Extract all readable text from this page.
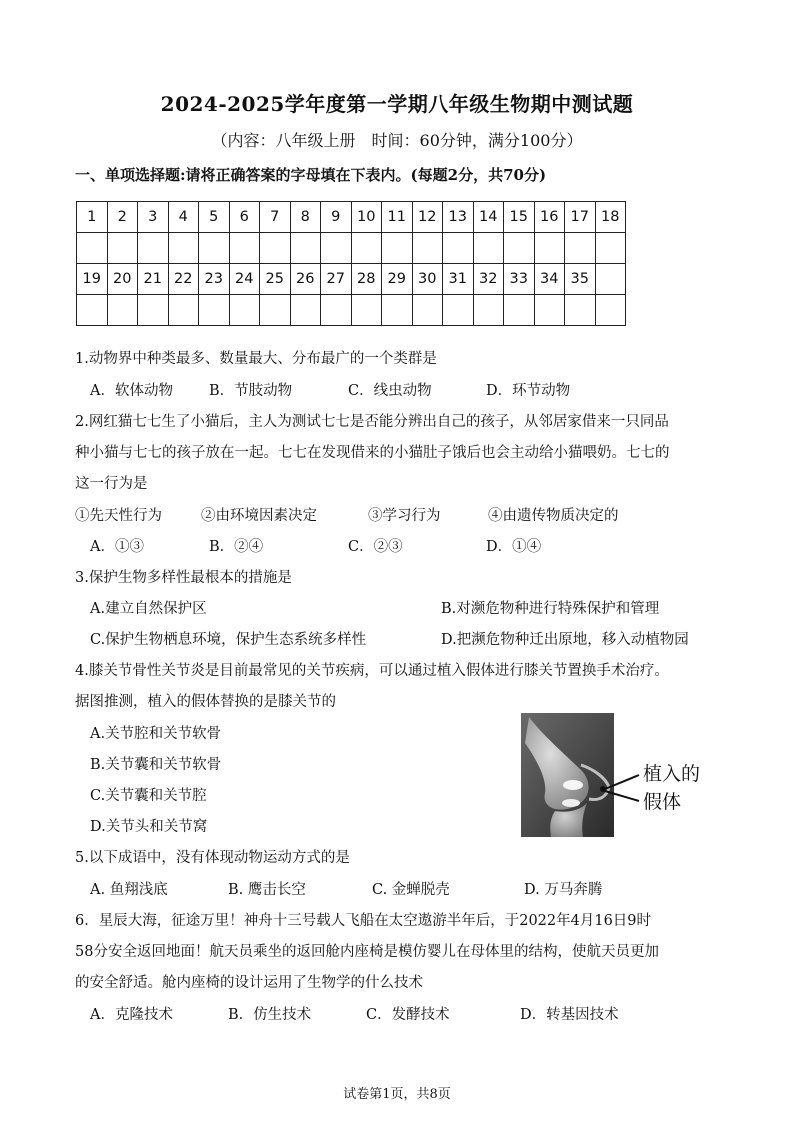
2024-2025学年度第一学期八年级生物期中测试题
（内容：八年级上册　时间：60分钟，满分100分）
一、单项选择题:请将正确答案的字母填在下表内。(每题2分，共70分)
1	2	3	4	5	6	7	8	9	10	11	12	13	14	15	16	17	18

19	20	21	22	23	24	25	26	27	28	29	30	31	32	33	34	35	

1.动物界中种类最多、数量最大、分布最广的一个类群是
A．软体动物 B．节肢动物	C．线虫动物	D．环节动物
2.网红猫七七生了小猫后，主人为测试七七是否能分辨出自己的孩子，从邻居家借来一只同品
种小猫与七七的孩子放在一起。七七在发现借来的小猫肚子饿后也会主动给小猫喂奶。七七的
这一行为是
①先天性行为	②由环境因素决定	③学习行为	④由遗传物质决定的
A．①③	B．②④	C．②③	D．①④
3.保护生物多样性最根本的措施是
A.建立自然保护区	B.对濒危物种进行特殊保护和管理
C.保护生物栖息环境，保护生态系统多样性	D.把濒危物种迁出原地，移入动植物园
4.膝关节骨性关节炎是目前最常见的关节疾病，可以通过植入假体进行膝关节置换手术治疗。
据图推测，植入的假体替换的是膝关节的
A.关节腔和关节软骨
B.关节囊和关节软骨
C.关节囊和关节腔
D.关节头和关节窝
植入的
假体
5.以下成语中，没有体现动物运动方式的是
A. 鱼翔浅底	B. 鹰击长空	C. 金蝉脱壳	D. 万马奔腾
6．星辰大海，征途万里！神舟十三号载人飞船在太空遨游半年后，于2022年4月16日9时
58分安全返回地面！航天员乘坐的返回舱内座椅是模仿婴儿在母体里的结构，使航天员更加
的安全舒适。舱内座椅的设计运用了生物学的什么技术
A．克隆技术	B．仿生技术	C．发酵技术	D．转基因技术
试卷第1页，共8页
